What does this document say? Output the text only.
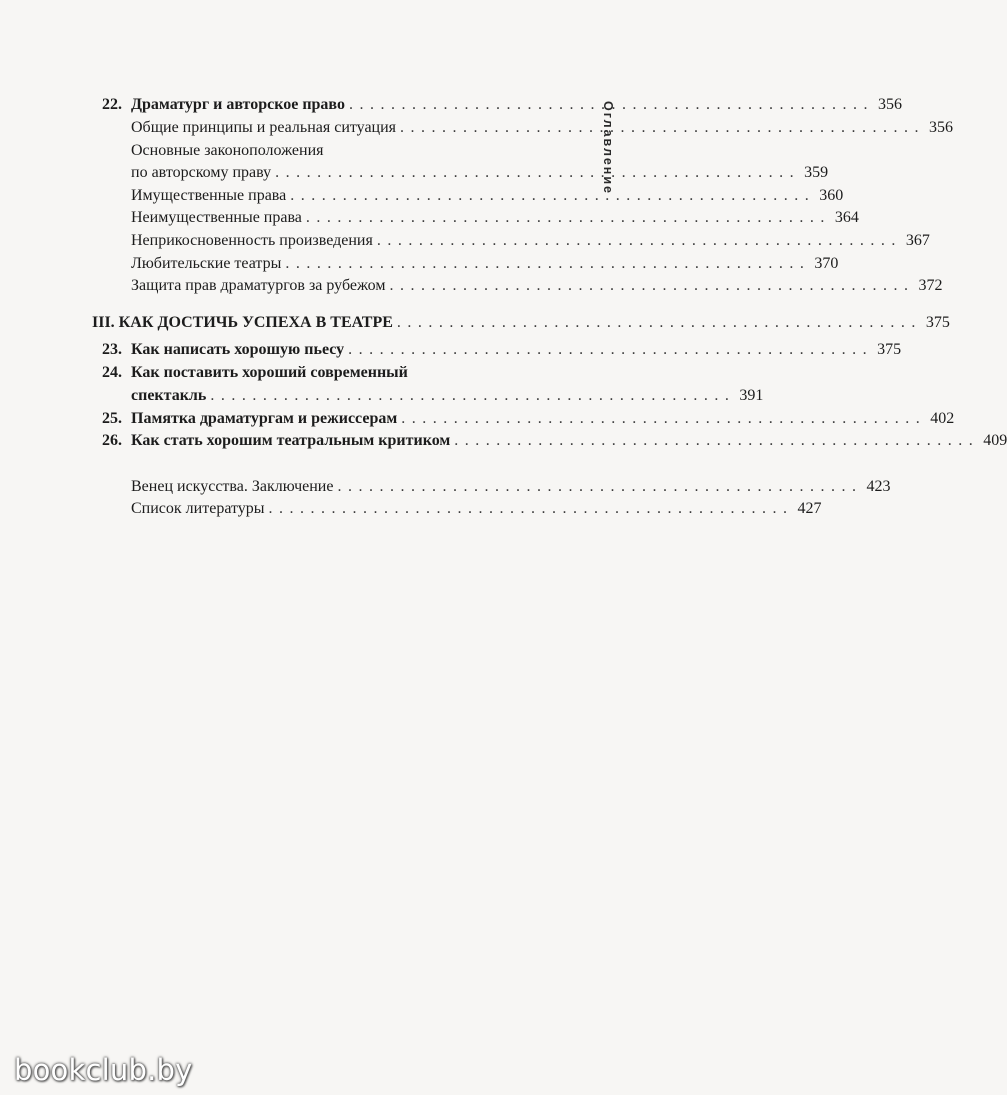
Оглавление
22. Драматург и авторское право .................................................. 356
Общие принципы и реальная ситуация .................................................. 356
Основные законоположения
по авторскому праву .................................................. 359
Имущественные права .................................................. 360
Неимущественные права .................................................. 364
Неприкосновенность произведения .................................................. 367
Любительские театры .................................................. 370
Защита прав драматургов за рубежом .................................................. 372
III. КАК ДОСТИЧЬ УСПЕХА В ТЕАТРЕ .................................................. 375
23. Как написать хорошую пьесу .................................................. 375
24. Как поставить хороший современный
спектакль .................................................. 391
25. Памятка драматургам и режиссерам .................................................. 402
26. Как стать хорошим театральным критиком .................................................. 409
Венец искусства. Заключение .................................................. 423
Список литературы .................................................. 427
bookclub.by
